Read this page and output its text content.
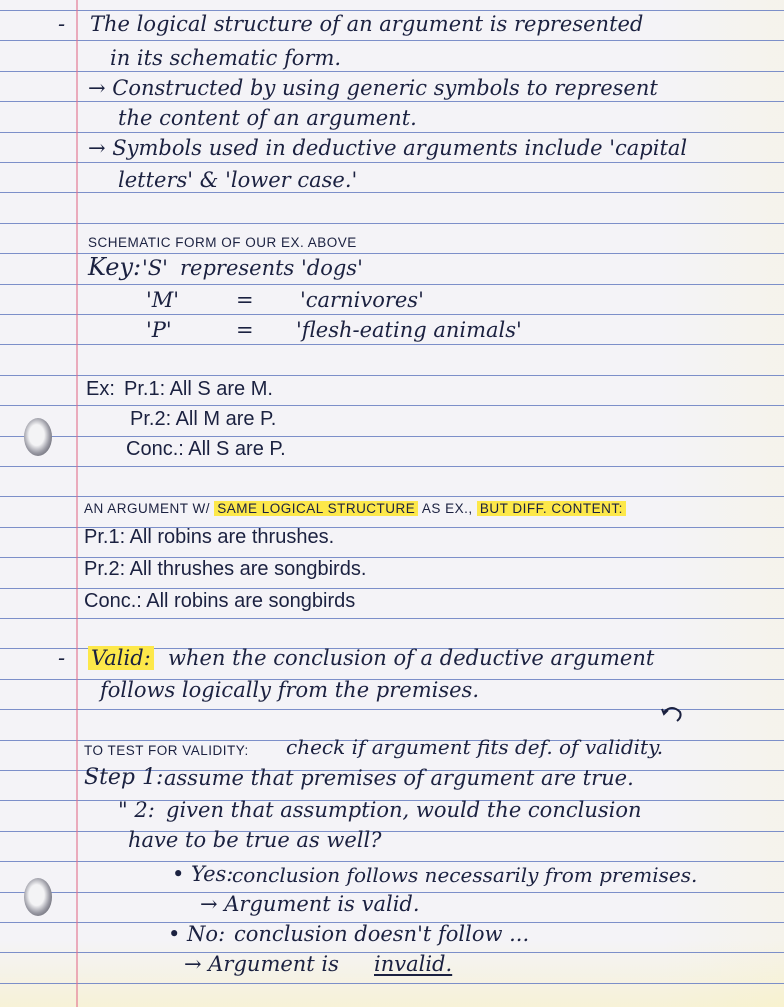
- The logical structure of an argument is represented
in its schematic form.
→ Constructed by using generic symbols to represent
the content of an argument.
→ Symbols used in deductive arguments include 'capital
letters' & 'lower case.'
SCHEMATIC FORM OF OUR EX. ABOVE
Key: 'S' represents 'dogs'
'M'	= 'carnivores'
'P'	= 'flesh-eating animals'
Ex: Pr.1: All S are M.
Pr.2: All M are P.
Conc.: All S are P.
AN ARGUMENT W/ SAME LOGICAL STRUCTURE AS EX., BUT DIFF. CONTENT:
Pr.1: All robins are thrushes.
Pr.2: All thrushes are songbirds.
Conc.: All robins are songbirds
- Valid: when the conclusion of a deductive argument
follows logically from the premises.
TO TEST FOR VALIDITY: check if argument fits def. of validity.
Step 1: assume that premises of argument are true.
" 2: given that assumption, would the conclusion
have to be true as well?
• Yes:
conclusion follows necessarily from premises.
→ Argument is valid.
• No: conclusion doesn't follow ...
→ Argument is invalid.
